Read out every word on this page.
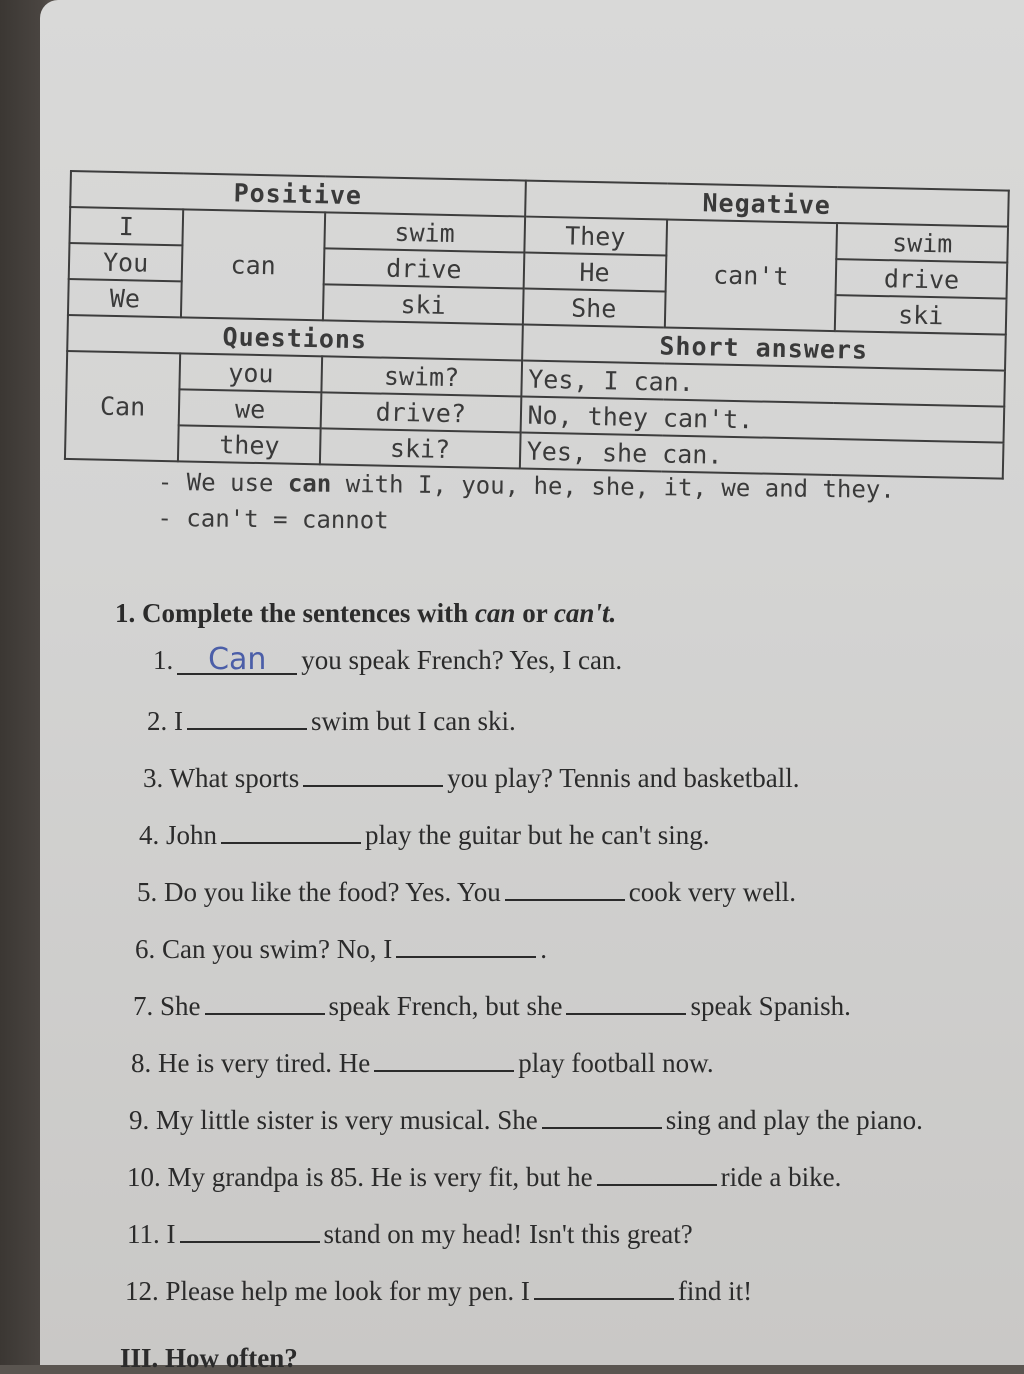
Positive			Negative		
I	can	swim	They	can't	swim
You		drive	He		drive
We		ski	She		ski
Questions			Short answers		
Can	you	swim?	Yes, I can.		
	we	drive?	No, they can't.		
	they	ski?	Yes, she can.		
- We use can with I, you, he, she, it, we and they.
- can't = cannot
1. Complete the sentences with can or can't.
1. Can you speak French? Yes, I can.
2. I	swim but I can ski.
3. What sports	you play? Tennis and basketball.
4. John	play the guitar but he can't sing.
5. Do you like the food? Yes. You	cook very well.
6. Can you swim? No, I	.
7. She	speak French, but she	speak Spanish.
8. He is very tired. He	play football now.
9. My little sister is very musical. She	sing and play the piano.
10. My grandpa is 85. He is very fit, but he	ride a bike.
11. I	stand on my head! Isn't this great?
12. Please help me look for my pen. I	find it!
III. How often?
